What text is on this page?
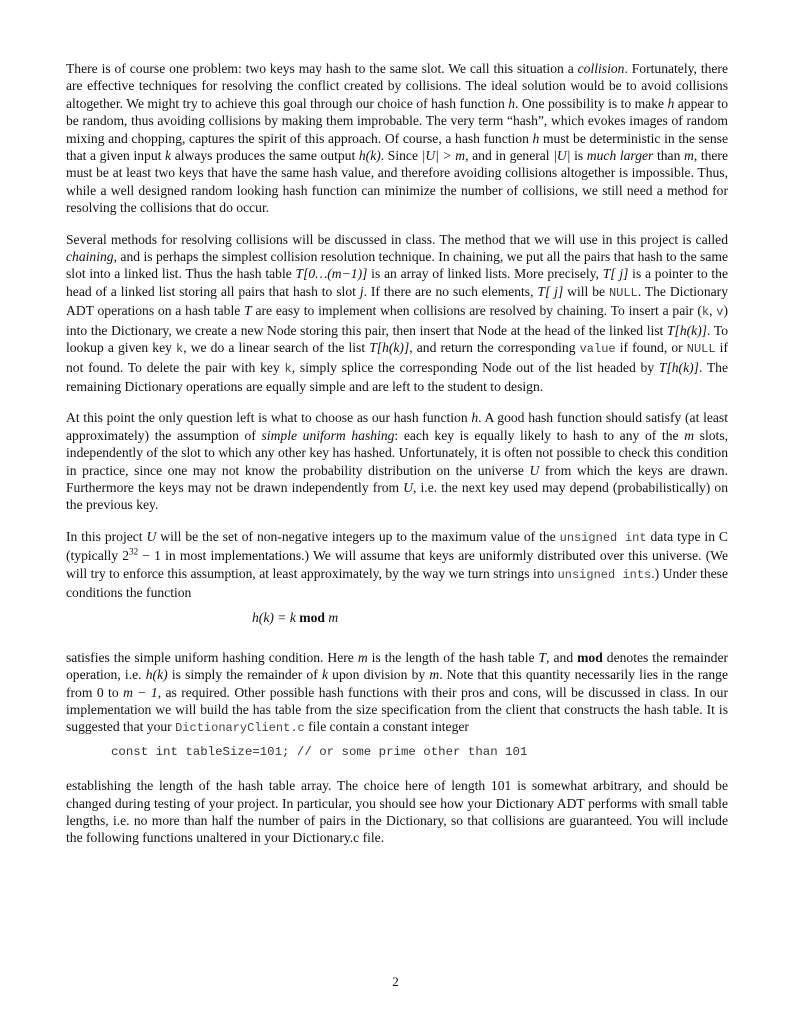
There is of course one problem: two keys may hash to the same slot. We call this situation a collision. Fortunately, there are effective techniques for resolving the conflict created by collisions. The ideal solution would be to avoid collisions altogether. We might try to achieve this goal through our choice of hash function h. One possibility is to make h appear to be random, thus avoiding collisions by making them improbable. The very term “hash”, which evokes images of random mixing and chopping, captures the spirit of this approach. Of course, a hash function h must be deterministic in the sense that a given input k always produces the same output h(k). Since |U| > m, and in general |U| is much larger than m, there must be at least two keys that have the same hash value, and therefore avoiding collisions altogether is impossible. Thus, while a well designed random looking hash function can minimize the number of collisions, we still need a method for resolving the collisions that do occur.

Several methods for resolving collisions will be discussed in class. The method that we will use in this project is called chaining, and is perhaps the simplest collision resolution technique. In chaining, we put all the pairs that hash to the same slot into a linked list. Thus the hash table T[0…(m−1)] is an array of linked lists. More precisely, T[ j] is a pointer to the head of a linked list storing all pairs that hash to slot j. If there are no such elements, T[ j] will be NULL. The Dictionary ADT operations on a hash table T are easy to implement when collisions are resolved by chaining. To insert a pair (k, v) into the Dictionary, we create a new Node storing this pair, then insert that Node at the head of the linked list T[h(k)]. To lookup a given key k, we do a linear search of the list T[h(k)], and return the corresponding value if found, or NULL if not found. To delete the pair with key k, simply splice the corresponding Node out of the list headed by T[h(k)]. The remaining Dictionary operations are equally simple and are left to the student to design.

At this point the only question left is what to choose as our hash function h. A good hash function should satisfy (at least approximately) the assumption of simple uniform hashing: each key is equally likely to hash to any of the m slots, independently of the slot to which any other key has hashed. Unfortunately, it is often not possible to check this condition in practice, since one may not know the probability distribution on the universe U from which the keys are drawn. Furthermore the keys may not be drawn independently from U, i.e. the next key used may depend (probabilistically) on the previous key.

In this project U will be the set of non-negative integers up to the maximum value of the unsigned int data type in C (typically $2^{32} - 1$ in most implementations.) We will assume that keys are uniformly distributed over this universe. (We will try to enforce this assumption, at least approximately, by the way we turn strings into unsigned ints.) Under these conditions the function

h(k) = k mod m

satisfies the simple uniform hashing condition. Here m is the length of the hash table T, and mod denotes the remainder operation, i.e. h(k) is simply the remainder of k upon division by m. Note that this quantity necessarily lies in the range from 0 to m − 1, as required. Other possible hash functions with their pros and cons, will be discussed in class. In our implementation we will build the has table from the size specification from the client that constructs the hash table. It is suggested that your DictionaryClient.c file contain a constant integer

const int tableSize=101; // or some prime other than 101

establishing the length of the hash table array. The choice here of length 101 is somewhat arbitrary, and should be changed during testing of your project. In particular, you should see how your Dictionary ADT performs with small table lengths, i.e. no more than half the number of pairs in the Dictionary, so that collisions are guaranteed. You will include the following functions unaltered in your Dictionary.c file.

2
